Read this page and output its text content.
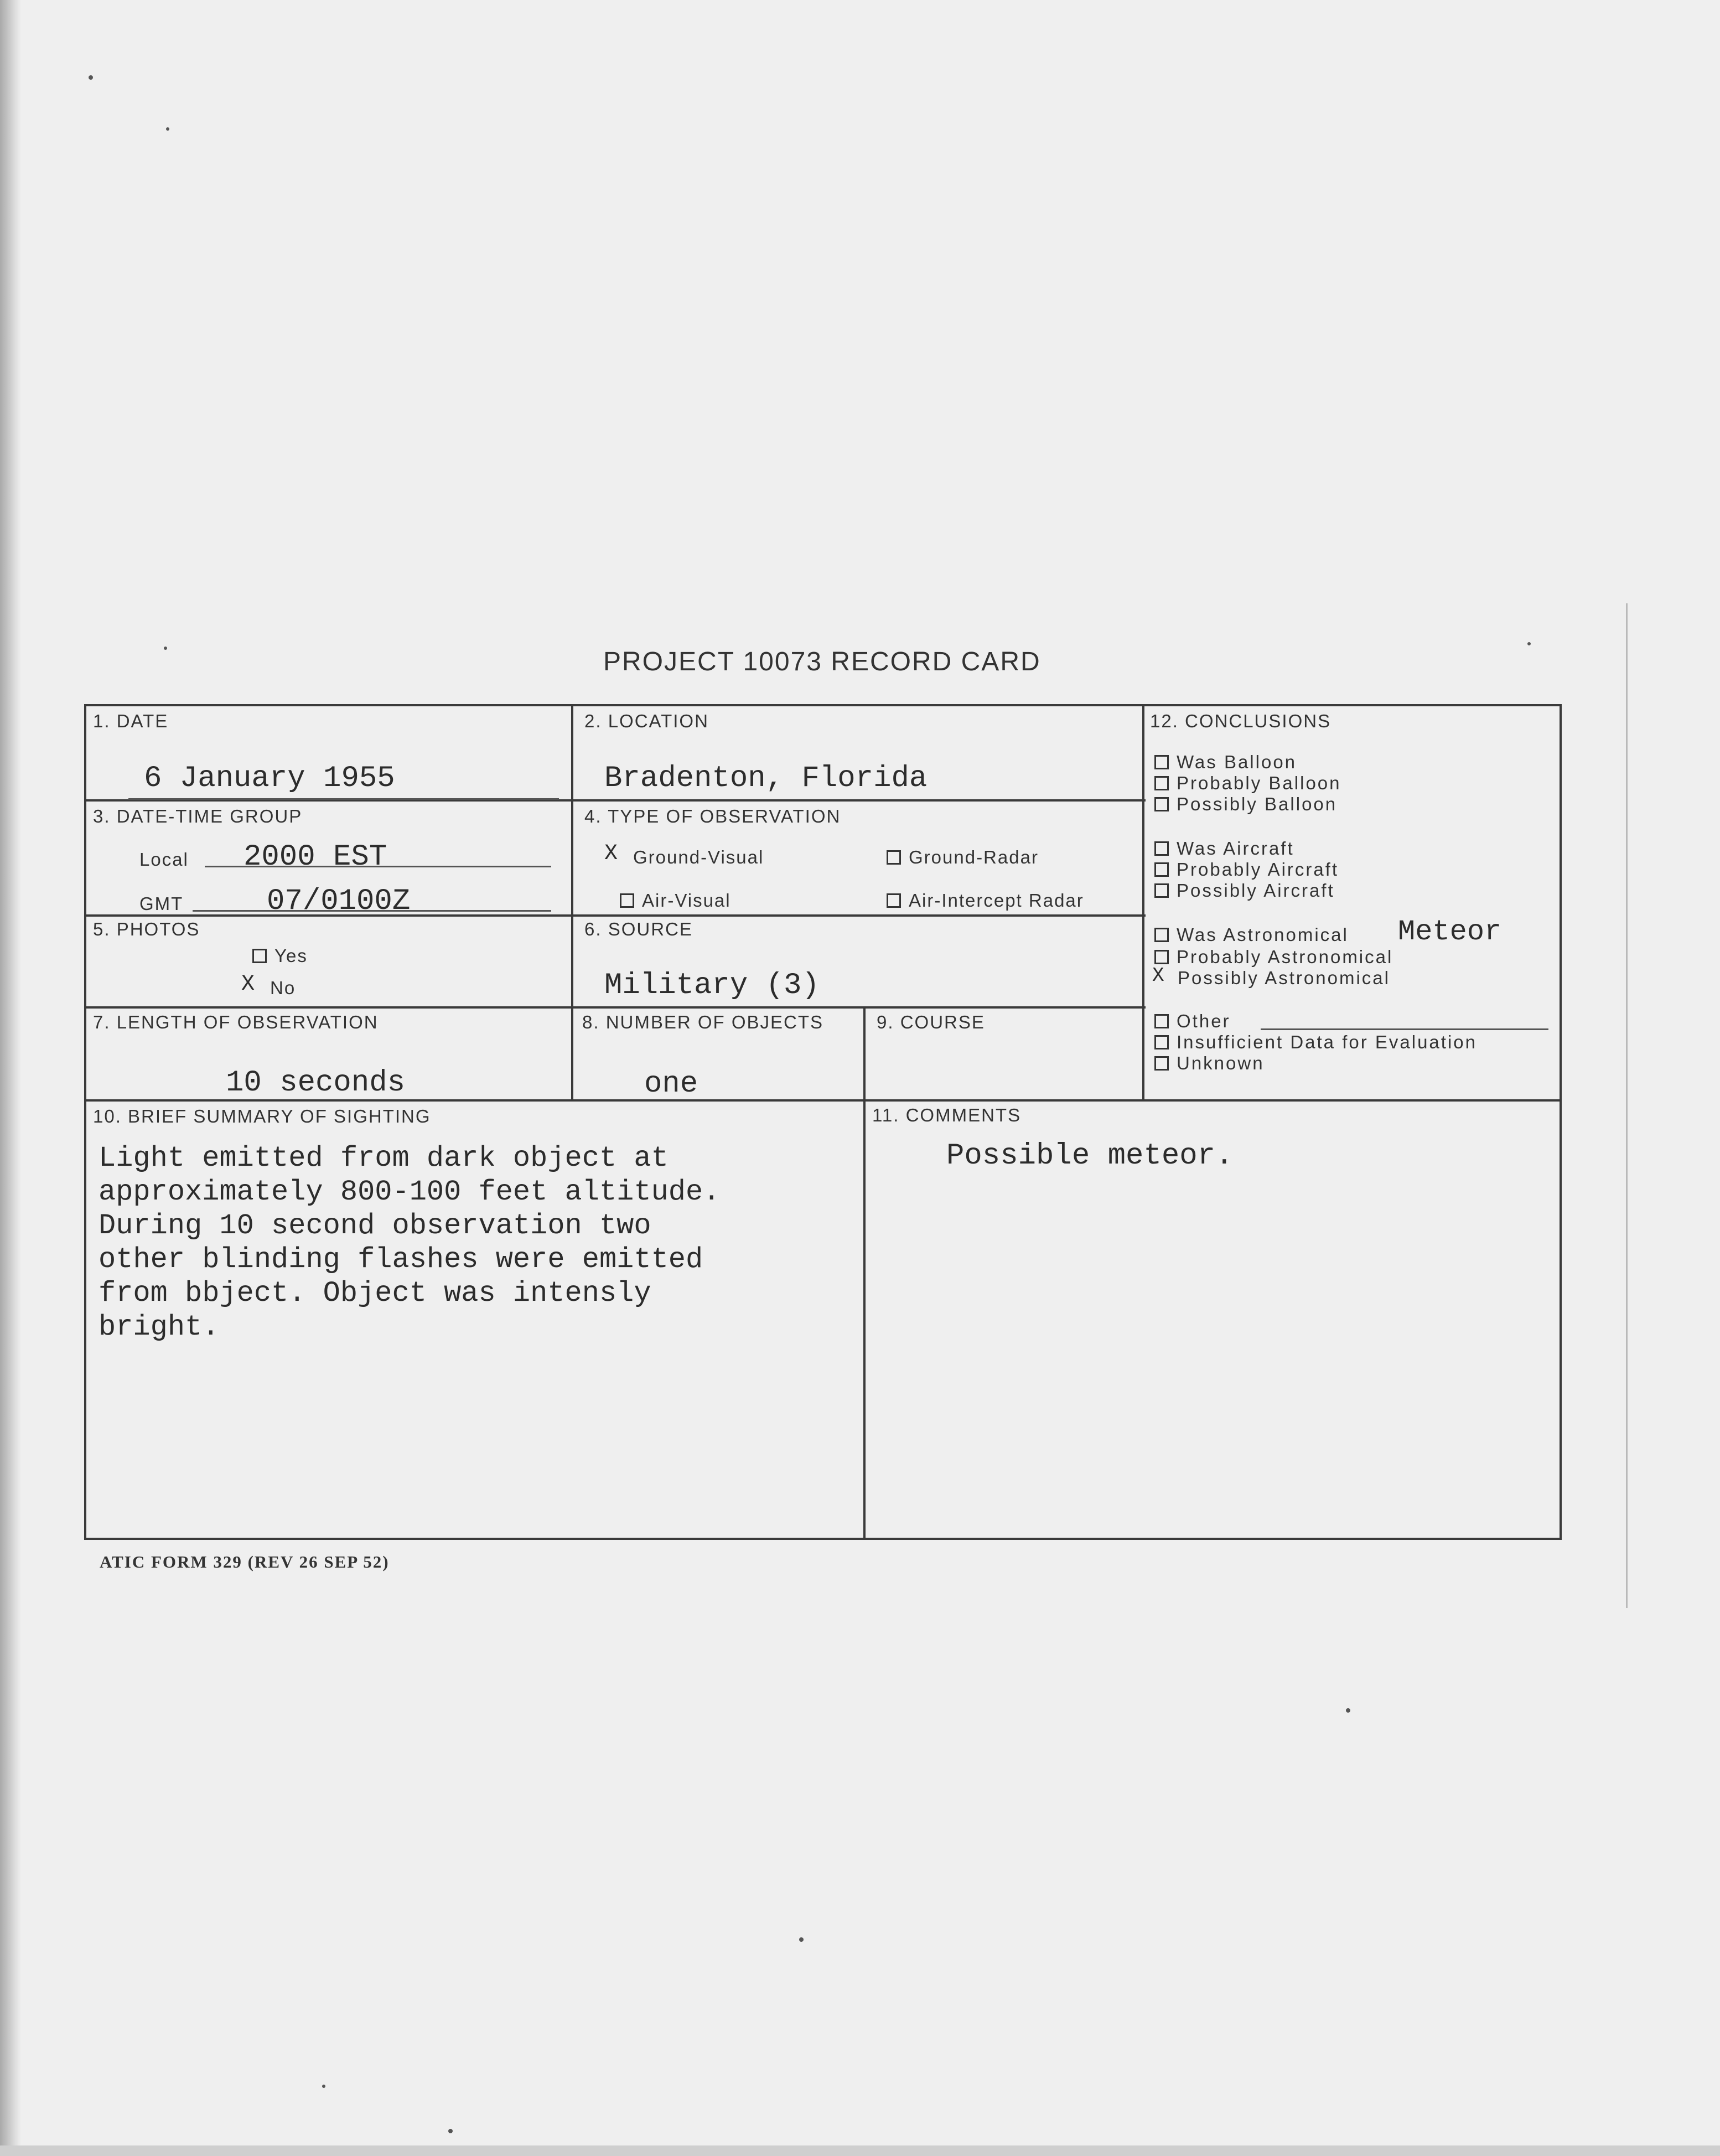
PROJECT 10073 RECORD CARD
1. DATE
6 January 1955
2. LOCATION
Bradenton, Florida
3. DATE-TIME GROUP
Local 2000 EST
GMT	07/0100Z
4. TYPE OF OBSERVATION
X Ground-Visual	Ground-Radar
Air-Visual	Air-Intercept Radar
5. PHOTOS
Yes
X No
6. SOURCE
Military (3)
7. LENGTH OF OBSERVATION
10 seconds
8. NUMBER OF OBJECTS
one
9. COURSE
10. BRIEF SUMMARY OF SIGHTING
Light emitted from dark object at
approximately 800-100 feet altitude.
During 10 second observation two
other blinding flashes were emitted
from bbject. Object was intensly
bright.
11. COMMENTS
Possible meteor.
12. CONCLUSIONS
Was Balloon
Probably Balloon
Possibly Balloon
Was Aircraft
Probably Aircraft
Possibly Aircraft
Was Astronomical Meteor
Probably Astronomical
X Possibly Astronomical
Other
Insufficient Data for Evaluation
Unknown
ATIC FORM 329 (REV 26 SEP 52)
